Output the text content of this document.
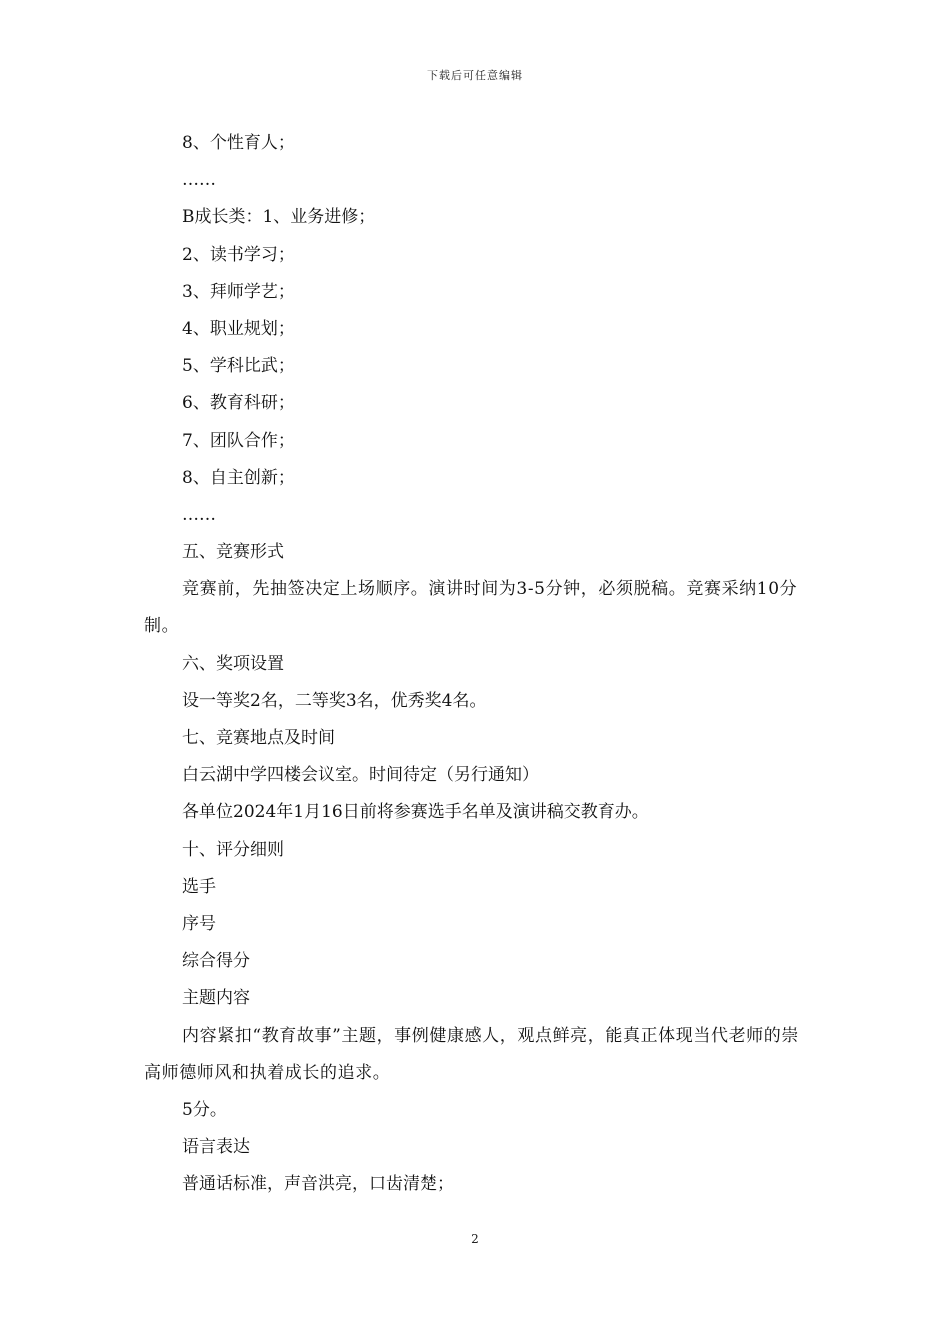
下载后可任意编辑
8、个性育人；
……
B成长类：1、业务进修；
2、读书学习；
3、拜师学艺；
4、职业规划；
5、学科比武；
6、教育科研；
7、团队合作；
8、自主创新；
……
五、竞赛形式
竞赛前，先抽签决定上场顺序。演讲时间为3-5分钟，必须脱稿。竞赛采纳10分制。
六、奖项设置
设一等奖2名，二等奖3名，优秀奖4名。
七、竞赛地点及时间
白云湖中学四楼会议室。时间待定（另行通知）
各单位2024年1月16日前将参赛选手名单及演讲稿交教育办。
十、评分细则
选手
序号
综合得分
主题内容
内容紧扣“教育故事”主题，事例健康感人，观点鲜亮，能真正体现当代老师的崇高师德师风和执着成长的追求。
5分。
语言表达
普通话标准，声音洪亮，口齿清楚；
2
